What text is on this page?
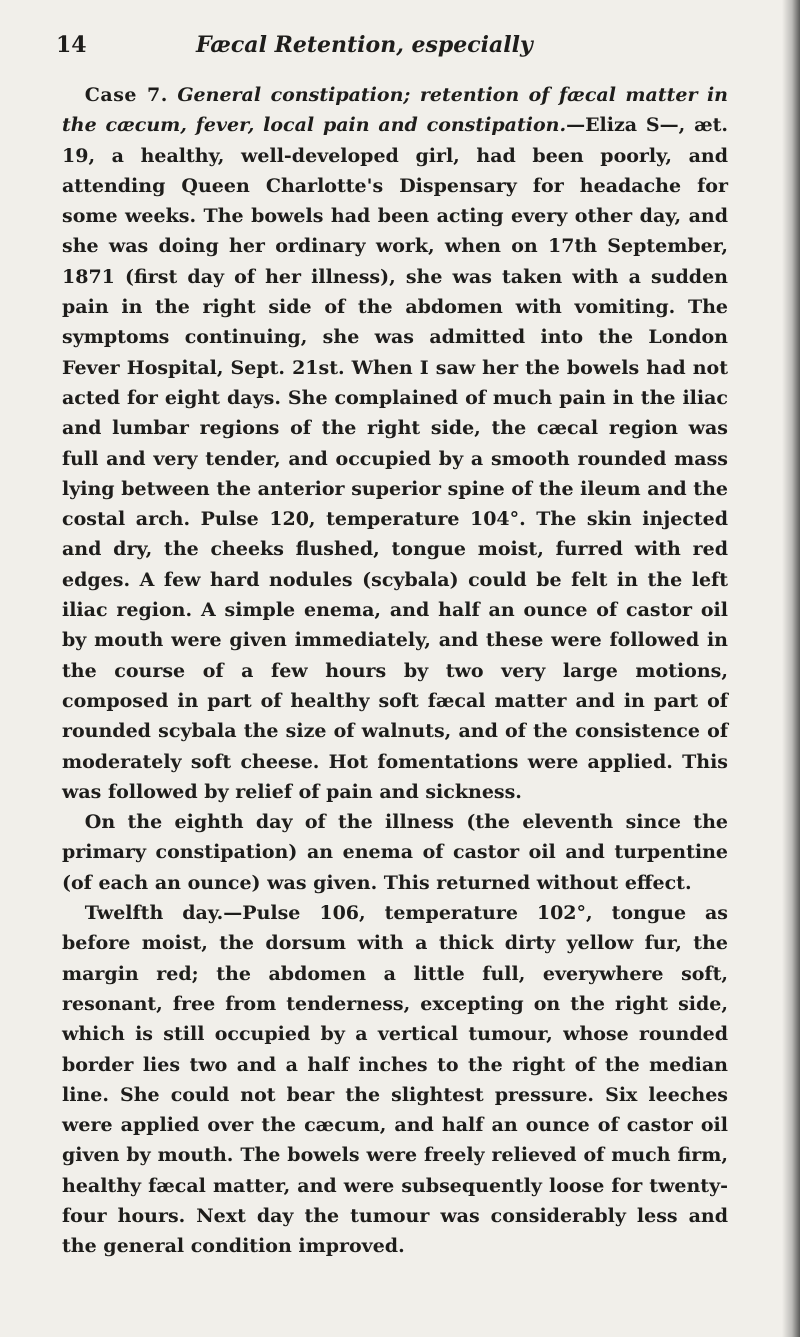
14	Fæcal Retention, especially

Case 7. General constipation; retention of fæcal matter in the cæcum, fever, local pain and constipation.—Eliza S—, æt. 19, a healthy, well-developed girl, had been poorly, and attending Queen Charlotte's Dispensary for headache for some weeks. The bowels had been acting every other day, and she was doing her ordinary work, when on 17th September, 1871 (first day of her illness), she was taken with a sudden pain in the right side of the abdomen with vomiting. The symptoms continuing, she was admitted into the London Fever Hospital, Sept. 21st. When I saw her the bowels had not acted for eight days. She complained of much pain in the iliac and lumbar regions of the right side, the cæcal region was full and very tender, and occupied by a smooth rounded mass lying between the anterior superior spine of the ileum and the costal arch. Pulse 120, temperature 104°. The skin injected and dry, the cheeks flushed, tongue moist, furred with red edges. A few hard nodules (scybala) could be felt in the left iliac region. A simple enema, and half an ounce of castor oil by mouth were given immediately, and these were followed in the course of a few hours by two very large motions, composed in part of healthy soft fæcal matter and in part of rounded scybala the size of walnuts, and of the consistence of moderately soft cheese. Hot fomentations were applied. This was followed by relief of pain and sickness.

On the eighth day of the illness (the eleventh since the primary constipation) an enema of castor oil and turpentine (of each an ounce) was given. This returned without effect.

Twelfth day.—Pulse 106, temperature 102°, tongue as before moist, the dorsum with a thick dirty yellow fur, the margin red; the abdomen a little full, everywhere soft, resonant, free from tenderness, excepting on the right side, which is still occupied by a vertical tumour, whose rounded border lies two and a half inches to the right of the median line. She could not bear the slightest pressure. Six leeches were applied over the cæcum, and half an ounce of castor oil given by mouth. The bowels were freely relieved of much firm, healthy fæcal matter, and were subsequently loose for twenty-four hours. Next day the tumour was considerably less and the general condition improved.
